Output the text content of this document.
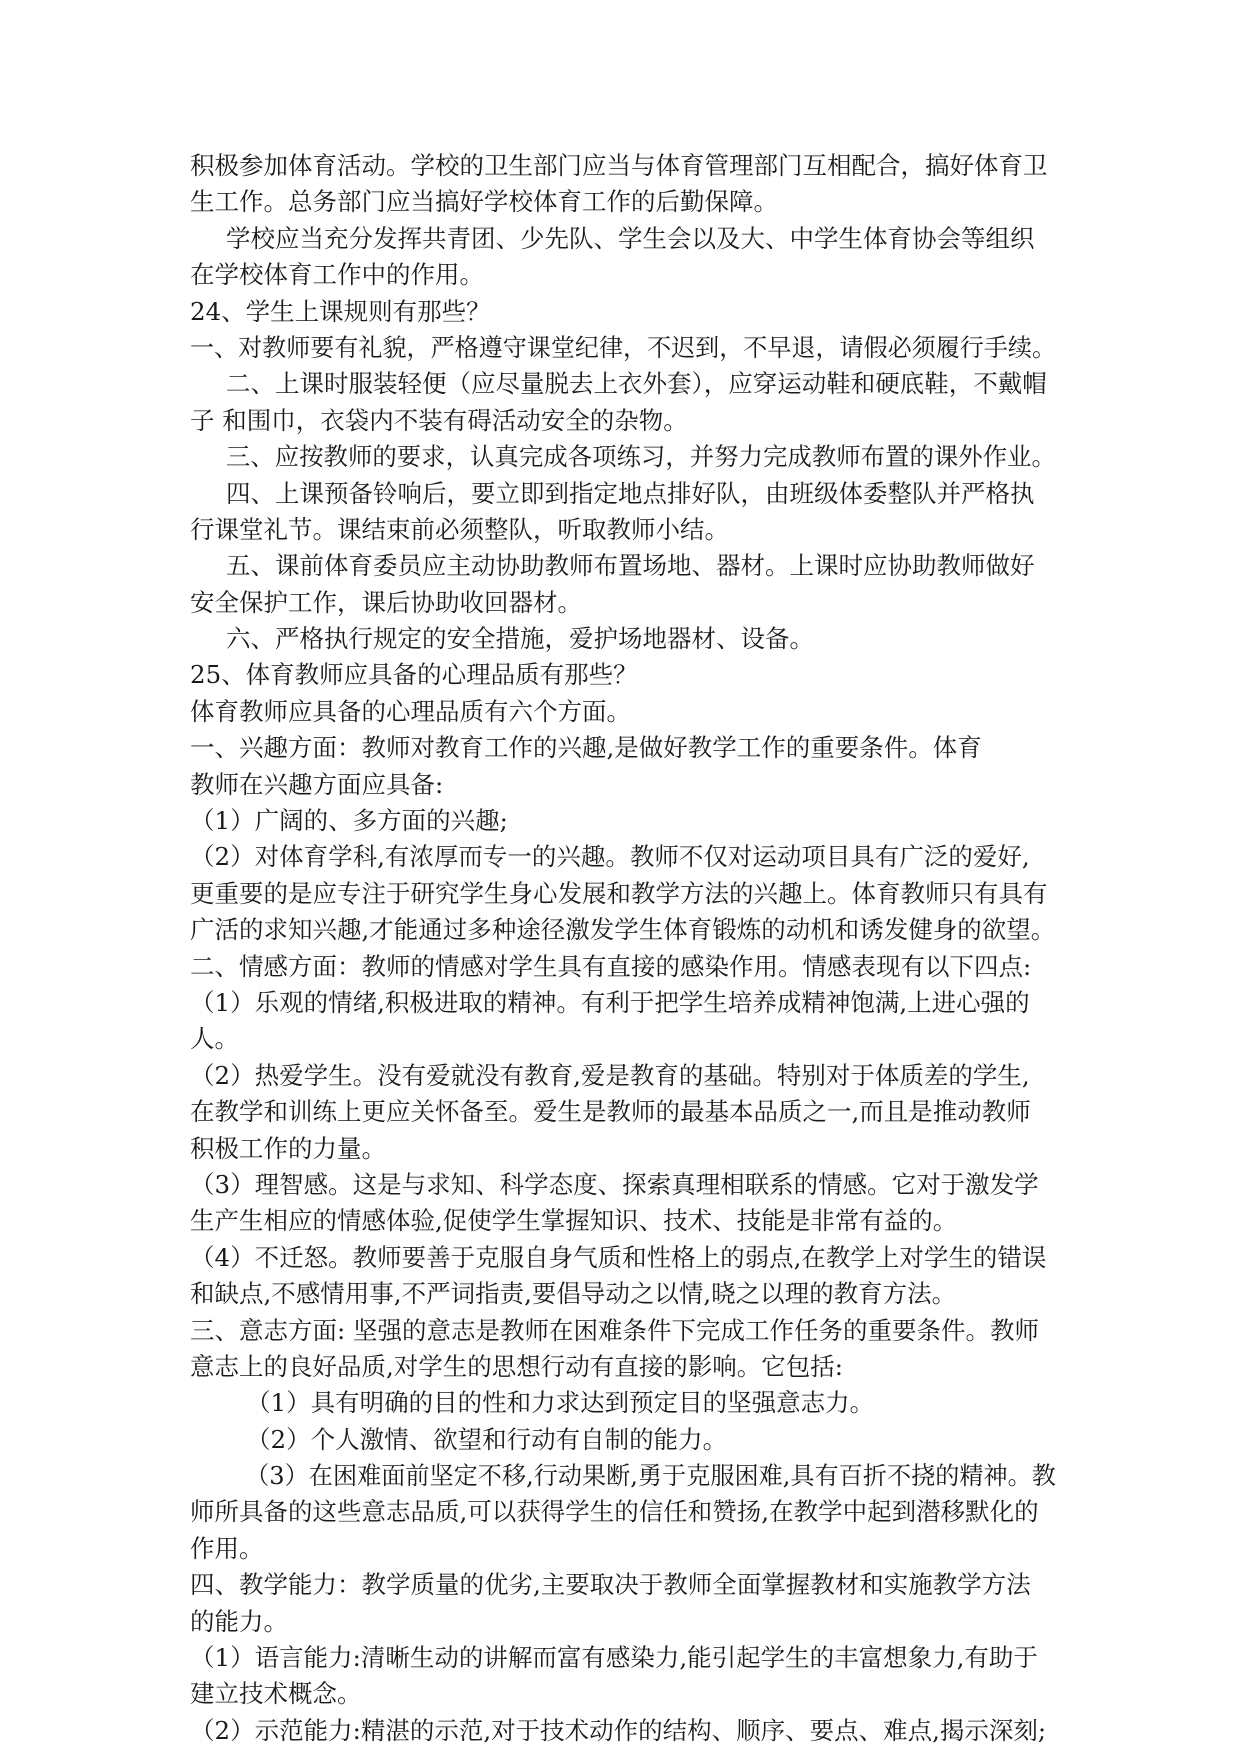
积极参加体育活动。学校的卫生部门应当与体育管理部门互相配合，搞好体育卫
生工作。总务部门应当搞好学校体育工作的后勤保障。
学校应当充分发挥共青团、少先队、学生会以及大、中学生体育协会等组织
在学校体育工作中的作用。
24、学生上课规则有那些？
一、对教师要有礼貌，严格遵守课堂纪律，不迟到，不早退，请假必须履行手续。
二、上课时服装轻便（应尽量脱去上衣外套），应穿运动鞋和硬底鞋，不戴帽
子 和围巾，衣袋内不装有碍活动安全的杂物。
三、应按教师的要求，认真完成各项练习，并努力完成教师布置的课外作业。
四、上课预备铃响后，要立即到指定地点排好队，由班级体委整队并严格执
行课堂礼节。课结束前必须整队，听取教师小结。
五、课前体育委员应主动协助教师布置场地、器材。上课时应协助教师做好
安全保护工作，课后协助收回器材。
六、严格执行规定的安全措施，爱护场地器材、设备。
25、体育教师应具备的心理品质有那些？
体育教师应具备的心理品质有六个方面。
一、兴趣方面：教师对教育工作的兴趣,是做好教学工作的重要条件。体育
教师在兴趣方面应具备:
（1）广阔的、多方面的兴趣;
（2）对体育学科,有浓厚而专一的兴趣。教师不仅对运动项目具有广泛的爱好,
更重要的是应专注于研究学生身心发展和教学方法的兴趣上。体育教师只有具有
广活的求知兴趣,才能通过多种途径激发学生体育锻炼的动机和诱发健身的欲望。
二、情感方面：教师的情感对学生具有直接的感染作用。情感表现有以下四点:
（1）乐观的情绪,积极进取的精神。有利于把学生培养成精神饱满,上进心强的
人。
（2）热爱学生。没有爱就没有教育,爱是教育的基础。特别对于体质差的学生,
在教学和训练上更应关怀备至。爱生是教师的最基本品质之一,而且是推动教师
积极工作的力量。
（3）理智感。这是与求知、科学态度、探索真理相联系的情感。它对于激发学
生产生相应的情感体验,促使学生掌握知识、技术、技能是非常有益的。
（4）不迁怒。教师要善于克服自身气质和性格上的弱点,在教学上对学生的错误
和缺点,不感情用事,不严词指责,要倡导动之以情,晓之以理的教育方法。
三、意志方面: 坚强的意志是教师在困难条件下完成工作任务的重要条件。教师
意志上的良好品质,对学生的思想行动有直接的影响。它包括:
（1）具有明确的目的性和力求达到预定目的坚强意志力。
（2）个人激情、欲望和行动有自制的能力。
（3）在困难面前坚定不移,行动果断,勇于克服困难,具有百折不挠的精神。教
师所具备的这些意志品质,可以获得学生的信任和赞扬,在教学中起到潜移默化的
作用。
四、教学能力：教学质量的优劣,主要取决于教师全面掌握教材和实施教学方法
的能力。
（1）语言能力:清晰生动的讲解而富有感染力,能引起学生的丰富想象力,有助于
建立技术概念。
（2）示范能力:精湛的示范,对于技术动作的结构、顺序、要点、难点,揭示深刻;
